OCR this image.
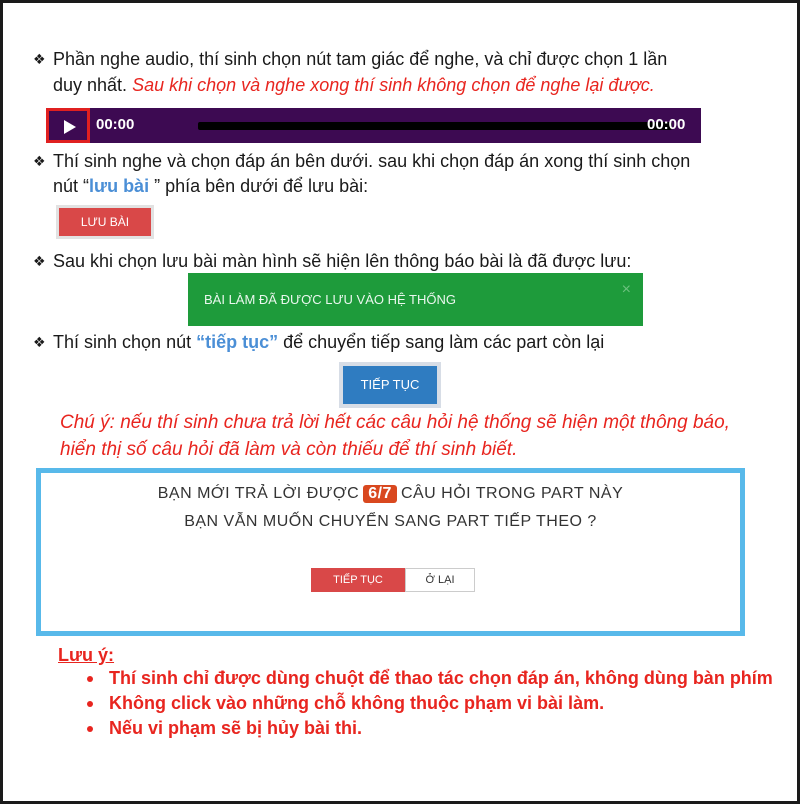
❖ Phần nghe audio, thí sinh chọn nút tam giác để nghe, và chỉ được chọn 1 lần
duy nhất. Sau khi chọn và nghe xong thí sinh không chọn để nghe lại được.
00:00	00:00
❖ Thí sinh nghe và chọn đáp án bên dưới. sau khi chọn đáp án xong thí sinh chọn
nút “lưu bài ” phía bên dưới để lưu bài:
LƯU BÀI
❖ Sau khi chọn lưu bài màn hình sẽ hiện lên thông báo bài là đã được lưu:
BÀI LÀM ĐÃ ĐƯỢC LƯU VÀO HỆ THỐNG
×
❖ Thí sinh chọn nút “tiếp tục” để chuyển tiếp sang làm các part còn lại
TIẾP TỤC
Chú ý: nếu thí sinh chưa trả lời hết các câu hỏi hệ thống sẽ hiện một thông báo,
hiển thị số câu hỏi đã làm và còn thiếu để thí sinh biết.
BẠN MỚI TRẢ LỜI ĐƯỢC 6/7 CÂU HỎI TRONG PART NÀY
BẠN VẪN MUỐN CHUYỂN SANG PART TIẾP THEO ?
TIẾP TỤC	Ở LẠI
Lưu ý:
Thí sinh chỉ được dùng chuột để thao tác chọn đáp án, không dùng bàn phím
Không click vào những chỗ không thuộc phạm vi bài làm.
Nếu vi phạm sẽ bị hủy bài thi.
